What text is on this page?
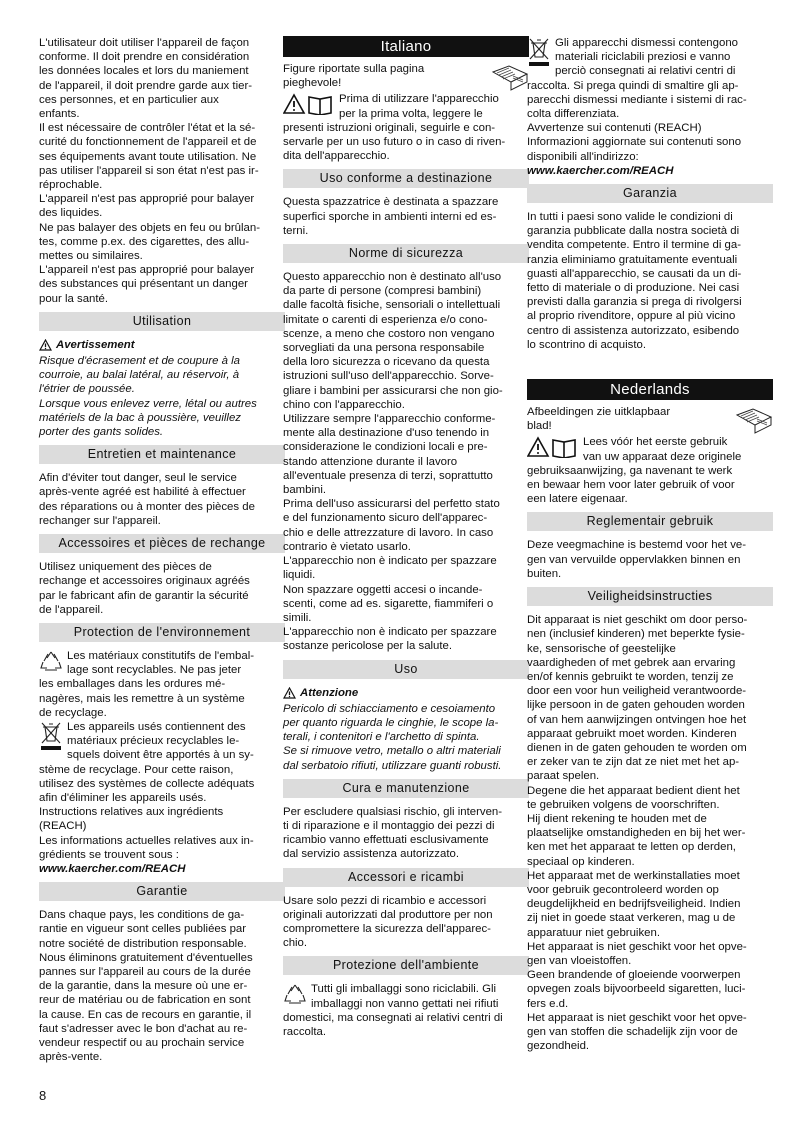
L'utilisateur doit utiliser l'appareil de façon
conforme. Il doit prendre en considération
les données locales et lors du maniement
de l'appareil, il doit prendre garde aux tier-
ces personnes, et en particulier aux
enfants.
Il est nécessaire de contrôler l'état et la sé-
curité du fonctionnement de l'appareil et de
ses équipements avant toute utilisation. Ne
pas utiliser l'appareil si son état n'est pas ir-
réprochable.
L'appareil n'est pas approprié pour balayer
des liquides.
Ne pas balayer des objets en feu ou brûlan-
tes, comme p.ex. des cigarettes, des allu-
mettes ou similaires.
L'appareil n'est pas approprié pour balayer
des substances qui présentant un danger
pour la santé.

Utilisation
Avertissement

Risque d'écrasement et de coupure à la
courroie, au balai latéral, au réservoir, à
l'étrier de poussée.
Lorsque vous enlevez verre, létal ou autres
matériels de la bac à poussière, veuillez
porter des gants solides.

Entretien et maintenance

Afin d'éviter tout danger, seul le service
après-vente agréé est habilité à effectuer
des réparations ou à monter des pièces de
rechanger sur l'appareil.

Accessoires et pièces de rechange

Utilisez uniquement des pièces de
rechange et accessoires originaux agréés
par le fabricant afin de garantir la sécurité
de l'appareil.

Protection de l'environnement

Les matériaux constitutifs de l'embal-
lage sont recyclables. Ne pas jeter
les emballages dans les ordures mé-
nagères, mais les remettre à un système
de recyclage.

Les appareils usés contiennent des
matériaux précieux recyclables le-
squels doivent être apportés à un sy-
stème de recyclage. Pour cette raison,
utilisez des systèmes de collecte adéquats
afin d'éliminer les appareils usés.
Instructions relatives aux ingrédients
(REACH)
Les informations actuelles relatives aux in-
grédients se trouvent sous :

www.kaercher.com/REACH

Garantie

Dans chaque pays, les conditions de ga-
rantie en vigueur sont celles publiées par
notre société de distribution responsable.
Nous éliminons gratuitement d'éventuelles
pannes sur l'appareil au cours de la durée
de la garantie, dans la mesure où une er-
reur de matériau ou de fabrication en sont
la cause. En cas de recours en garantie, il
faut s'adresser avec le bon d'achat au re-
vendeur respectif ou au prochain service
après-vente.

Italiano

Figure riportate sulla pagina
pieghevole!

Prima di utilizzare l'apparecchio
per la prima volta, leggere le
presenti istruzioni originali, seguirle e con-
servarle per un uso futuro o in caso di riven-
dita dell'apparecchio.

Uso conforme a destinazione

Questa spazzatrice è destinata a spazzare
superfici sporche in ambienti interni ed es-
terni.

Norme di sicurezza

Questo apparecchio non è destinato all'uso
da parte di persone (compresi bambini)
dalle facoltà fisiche, sensoriali o intellettuali
limitate o carenti di esperienza e/o cono-
scenze, a meno che costoro non vengano
sorvegliati da una persona responsabile
della loro sicurezza o ricevano da questa
istruzioni sull'uso dell'apparecchio. Sorve-
gliare i bambini per assicurarsi che non gio-
chino con l'apparecchio.
Utilizzare sempre l'apparecchio conforme-
mente alla destinazione d'uso tenendo in
considerazione le condizioni locali e pre-
stando attenzione durante il lavoro
all'eventuale presenza di terzi, soprattutto
bambini.
Prima dell'uso assicurarsi del perfetto stato
e del funzionamento sicuro dell'apparec-
chio e delle attrezzature di lavoro. In caso
contrario è vietato usarlo.
L'apparecchio non è indicato per spazzare
liquidi.
Non spazzare oggetti accesi o incande-
scenti, come ad es. sigarette, fiammiferi o
simili.
L'apparecchio non è indicato per spazzare
sostanze pericolose per la salute.

Uso
Attenzione

Pericolo di schiacciamento e cesoiamento
per quanto riguarda le cinghie, le scope la-
terali, i contenitori e l'archetto di spinta.
Se si rimuove vetro, metallo o altri materiali
dal serbatoio rifiuti, utilizzare guanti robusti.

Cura e manutenzione

Per escludere qualsiasi rischio, gli interven-
ti di riparazione e il montaggio dei pezzi di
ricambio vanno effettuati esclusivamente
dal servizio assistenza autorizzato.

Accessori e ricambi

Usare solo pezzi di ricambio e accessori
originali autorizzati dal produttore per non
compromettere la sicurezza dell'apparec-
chio.

Protezione dell'ambiente

Tutti gli imballaggi sono riciclabili. Gli
imballaggi non vanno gettati nei rifiuti
domestici, ma consegnati ai relativi centri di
raccolta.

Gli apparecchi dismessi contengono
materiali riciclabili preziosi e vanno
perciò consegnati ai relativi centri di
raccolta. Si prega quindi di smaltire gli ap-
parecchi dismessi mediante i sistemi di rac-
colta differenziata.
Avvertenze sui contenuti (REACH)
Informazioni aggiornate sui contenuti sono
disponibili all'indirizzo:

www.kaercher.com/REACH

Garanzia

In tutti i paesi sono valide le condizioni di
garanzia pubblicate dalla nostra società di
vendita competente. Entro il termine di ga-
ranzia eliminiamo gratuitamente eventuali
guasti all'apparecchio, se causati da un di-
fetto di materiale o di produzione. Nei casi
previsti dalla garanzia si prega di rivolgersi
al proprio rivenditore, oppure al più vicino
centro di assistenza autorizzato, esibendo
lo scontrino di acquisto.

Nederlands

Afbeeldingen zie uitklapbaar
blad!

Lees vóór het eerste gebruik
van uw apparaat deze originele
gebruiksaanwijzing, ga navenant te werk
en bewaar hem voor later gebruik of voor
een latere eigenaar.

Reglementair gebruik

Deze veegmachine is bestemd voor het ve-
gen van vervuilde oppervlakken binnen en
buiten.

Veiligheidsinstructies

Dit apparaat is niet geschikt om door perso-
nen (inclusief kinderen) met beperkte fysie-
ke, sensorische of geestelijke
vaardigheden of met gebrek aan ervaring
en/of kennis gebruikt te worden, tenzij ze
door een voor hun veiligheid verantwoorde-
lijke persoon in de gaten gehouden worden
of van hem aanwijzingen ontvingen hoe het
apparaat gebruikt moet worden. Kinderen
dienen in de gaten gehouden te worden om
er zeker van te zijn dat ze niet met het ap-
paraat spelen.
Degene die het apparaat bedient dient het
te gebruiken volgens de voorschriften.
Hij dient rekening te houden met de
plaatselijke omstandigheden en bij het wer-
ken met het apparaat te letten op derden,
speciaal op kinderen.
Het apparaat met de werkinstallaties moet
voor gebruik gecontroleerd worden op
deugdelijkheid en bedrijfsveiligheid. Indien
zij niet in goede staat verkeren, mag u de
apparatuur niet gebruiken.
Het apparaat is niet geschikt voor het opve-
gen van vloeistoffen.
Geen brandende of gloeiende voorwerpen
opvegen zoals bijvoorbeeld sigaretten, luci-
fers e.d.
Het apparaat is niet geschikt voor het opve-
gen van stoffen die schadelijk zijn voor de
gezondheid.

8
